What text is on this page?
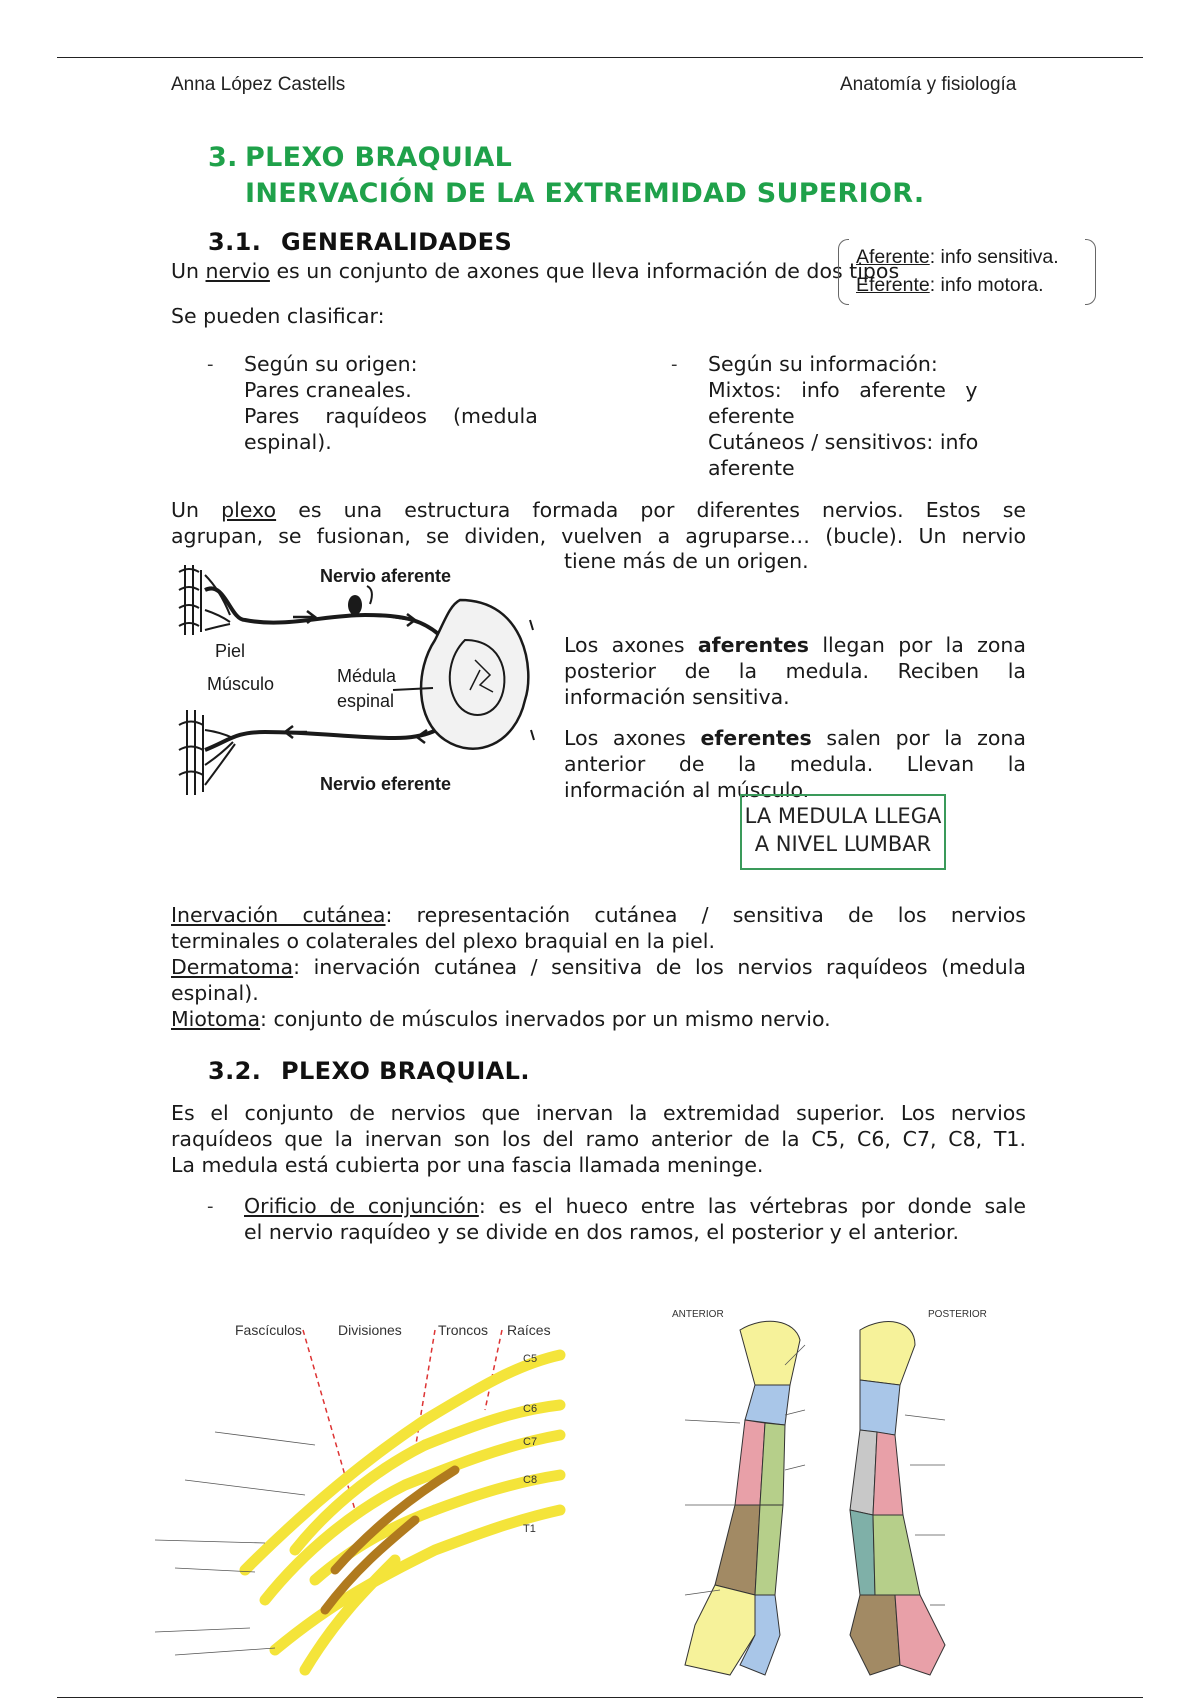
Anna López Castells	Anatomía y fisiología
3. PLEXO BRAQUIAL
INERVACIÓN DE LA EXTREMIDAD SUPERIOR.
3.1. GENERALIDADES
Un nervio es un conjunto de axones que lleva información de dos tipos
Aferente: info sensitiva.
Eferente: info motora.
Se pueden clasificar:
- Según su origen:
Pares craneales.
Pares    raquídeos    (medula
espinal).
- Según su información:
Mixtos:   info   aferente   y
eferente
Cutáneos / sensitivos: info
aferente
Un plexo es una estructura formada por diferentes nervios. Estos se
agrupan, se fusionan, se dividen, vuelven a agruparse… (bucle). Un nervio
tiene más de un origen.
Nervio aferente
Nervio eferente
Piel
Músculo	Médula
espinal
Los axones aferentes llegan por la zona
posterior de la medula. Reciben la
información sensitiva.
Los axones eferentes salen por la zona
anterior de la medula. Llevan la
información al músculo.
LA MEDULA LLEGA A NIVEL LUMBAR
Inervación cutánea: representación cutánea / sensitiva de los nervios
terminales o colaterales del plexo braquial en la piel.
Dermatoma: inervación cutánea / sensitiva de los nervios raquídeos (medula
espinal).
Miotoma: conjunto de músculos inervados por un mismo nervio.
3.2. PLEXO BRAQUIAL.
Es el conjunto de nervios que inervan la extremidad superior. Los nervios
raquídeos que la inervan son los del ramo anterior de la C5, C6, C7, C8, T1.
La medula está cubierta por una fascia llamada meninge.
- Orificio de conjunción: es el hueco entre las vértebras por donde sale
el nervio raquídeo y se divide en dos ramos, el posterior y el anterior.
Fascículos	Divisiones	Troncos Raíces
C5
C6
C7
C8
T1
ANTERIOR	POSTERIOR
